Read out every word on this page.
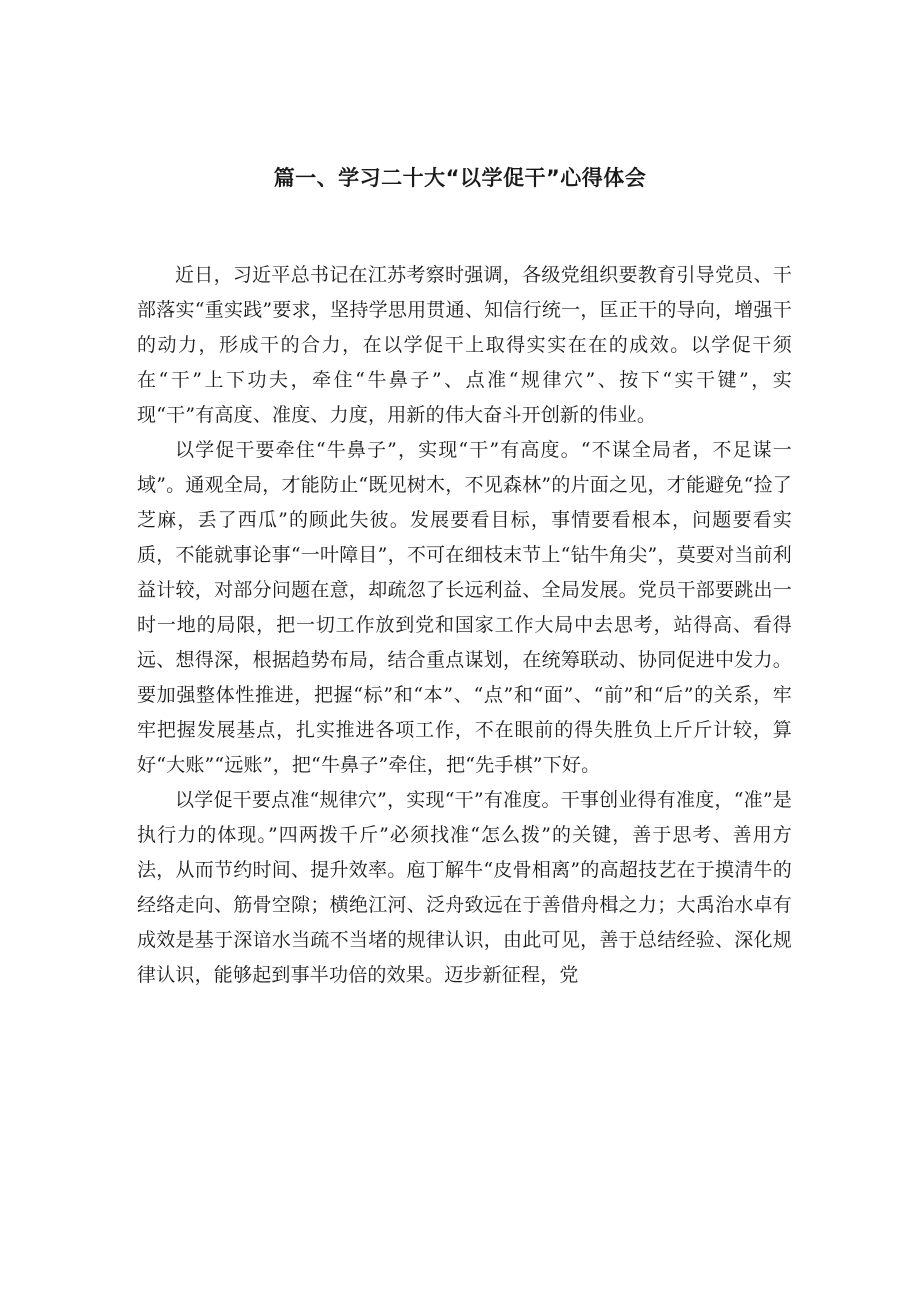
篇一、学习二十大“以学促干”心得体会

近日，习近平总书记在江苏考察时强调，各级党组织要教育引导党员、干部落实“重实践”要求，坚持学思用贯通、知信行统一，匡正干的导向，增强干的动力，形成干的合力，在以学促干上取得实实在在的成效。以学促干须在“干”上下功夫，牵住“牛鼻子”、点准“规律穴”、按下“实干键”，实现“干”有高度、准度、力度，用新的伟大奋斗开创新的伟业。

以学促干要牵住“牛鼻子”，实现“干”有高度。“不谋全局者，不足谋一域”。通观全局，才能防止“既见树木，不见森林”的片面之见，才能避免“捡了芝麻，丢了西瓜”的顾此失彼。发展要看目标，事情要看根本，问题要看实质，不能就事论事“一叶障目”，不可在细枝末节上“钻牛角尖”，莫要对当前利益计较，对部分问题在意，却疏忽了长远利益、全局发展。党员干部要跳出一时一地的局限，把一切工作放到党和国家工作大局中去思考，站得高、看得远、想得深，根据趋势布局，结合重点谋划，在统筹联动、协同促进中发力。要加强整体性推进，把握“标”和“本”、“点”和“面”、“前”和“后”的关系，牢牢把握发展基点，扎实推进各项工作，不在眼前的得失胜负上斤斤计较，算好“大账”“远账”，把“牛鼻子”牵住，把“先手棋”下好。

以学促干要点准“规律穴”，实现“干”有准度。干事创业得有准度，“准”是执行力的体现。”四两拨千斤”必须找准“怎么拨”的关键，善于思考、善用方法，从而节约时间、提升效率。庖丁解牛“皮骨相离”的高超技艺在于摸清牛的经络走向、筋骨空隙；横绝江河、泛舟致远在于善借舟楫之力；大禹治水卓有成效是基于深谙水当疏不当堵的规律认识，由此可见，善于总结经验、深化规律认识，能够起到事半功倍的效果。迈步新征程，党
